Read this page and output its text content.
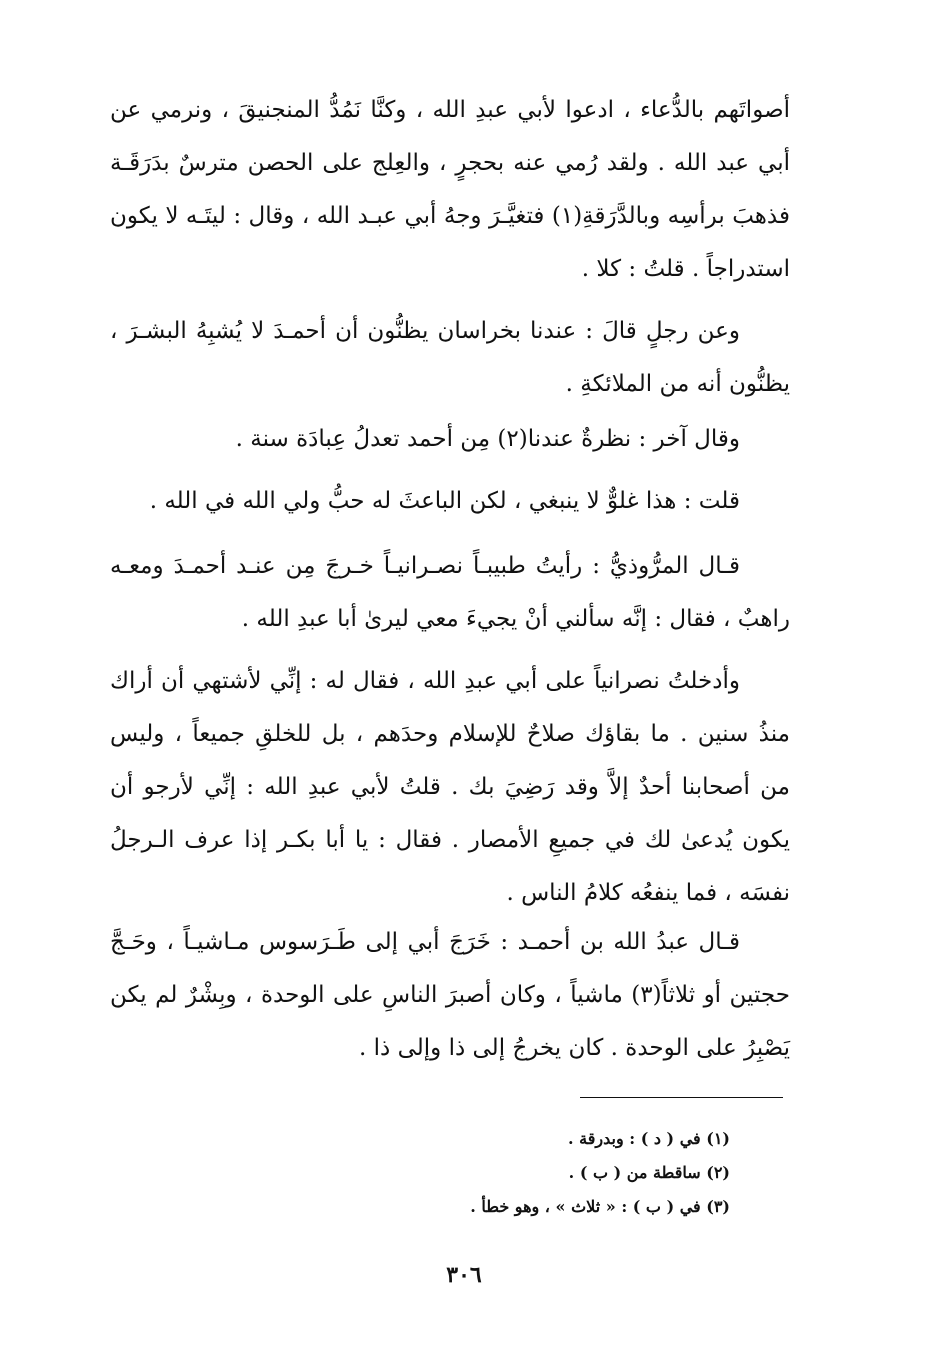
أصواتَهم بالدُّعاء ، ادعوا لأبي عبدِ الله ، وكنَّا نَمُدُّ المنجنيقَ ، ونرمي عن
أبي عبد الله . ولقد رُمي عنه بحجرٍ ، والعِلج على الحصن مترسٌ بدَرَقَـة
فذهبَ برأسِه وبالدَّرَقةِ(١) فتغيَّـرَ وجهُ أبي عبـد الله ، وقال : ليتَـه لا يكون
استدراجاً . قلتُ : كلا .
وعن رجلٍ قالَ : عندنا بخراسان يظنُّون أن أحمـدَ لا يُشبِهُ البشـرَ ،
يظنُّون أنه من الملائكةِ .
وقال آخر : نظرةٌ عندنا(٢) مِن أحمد تعدلُ عِبادَة سنة .
قلت : هذا غلوٌّ لا ينبغي ، لكن الباعثَ له حبُّ ولي الله في الله .
قـال المرُّوذيُّ : رأيتُ طبيبـاً نصـرانيـاً خـرجَ مِن عنـد أحمـدَ ومعـه
راهبٌ ، فقال : إنَّه سألني أنْ يجيءَ معي ليرىٰ أبا عبدِ الله .
وأدخلتُ نصرانياً على أبي عبدِ الله ، فقال له : إنِّي لأشتهي أن أراك
منذُ سنين . ما بقاؤك صلاحٌ للإسلام وحدَهم ، بل للخلقِ جميعاً ، وليس
من أصحابنا أحدٌ إلاَّ وقد رَضِيَ بك . قلتُ لأبي عبدِ الله : إنِّي لأرجو أن
يكون يُدعىٰ لك في جميعِ الأمصار . فقال : يا أبا بكـر إذا عرف الـرجلُ
نفسَه ، فما ينفعُه كلامُ الناس .
قـال عبدُ الله بن أحمـد : خَرَجَ أبي إلى طَـرَسوس مـاشيـاً ، وحَـجَّ
حجتين أو ثلاثاً(٣) ماشياً ، وكان أصبرَ الناسِ على الوحدة ، وبِشْرٌ لم يكن
يَصْبِرُ على الوحدة . كان يخرجُ إلى ذا وإلى ذا .
(١) في ( د ) : وبدرقة .
(٢) ساقطة من ( ب ) .
(٣) في ( ب ) : « ثلاث » ، وهو خطأ .
٣٠٦
